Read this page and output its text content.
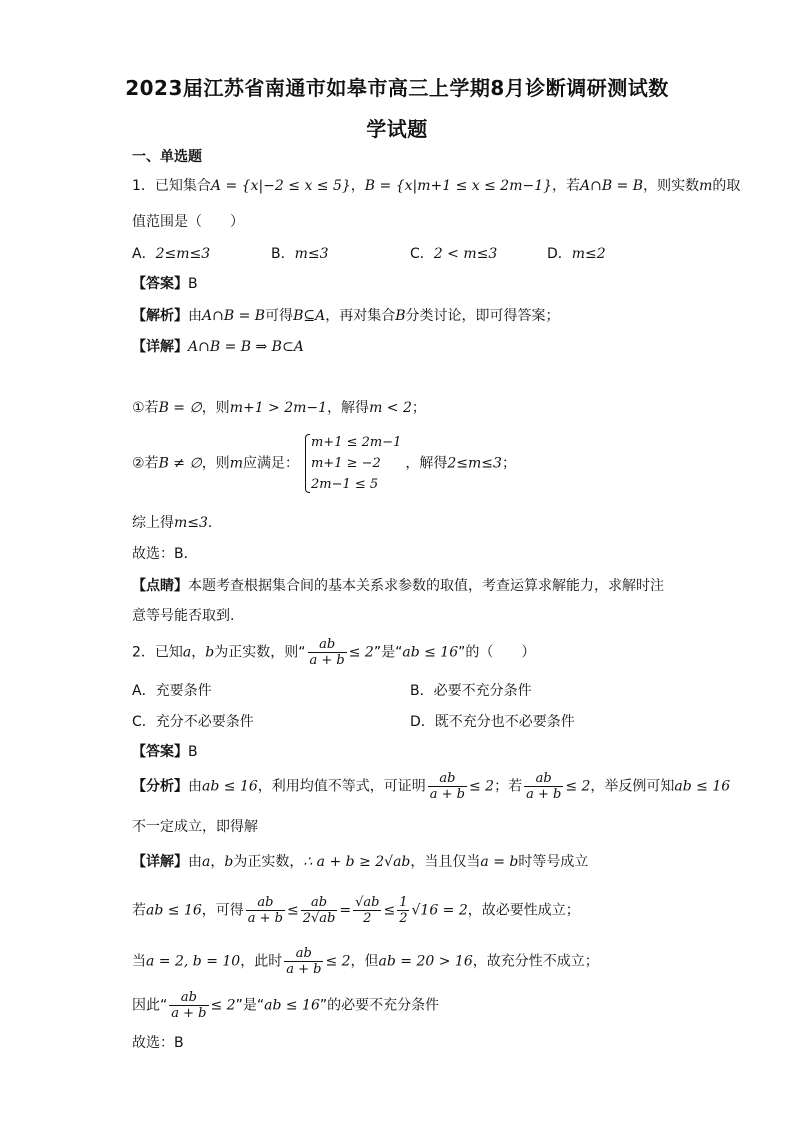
2023届江苏省南通市如皋市高三上学期8月诊断调研测试数
学试题
一、单选题
1．已知集合A = {x|−2 ≤ x ≤ 5}，B = {x|m+1 ≤ x ≤ 2m−1}，若A∩B = B，则实数m的取
值范围是（　　）
A．2≤m≤3	B．m≤3	C．2 < m≤3	D．m≤2
【答案】B
【解析】由A∩B = B可得B⊆A，再对集合B分类讨论，即可得答案；
【详解】A∩B = B ⇒ B⊂A
①若B = ∅，则m+1 > 2m−1，解得m < 2；
②若B ≠ ∅，则m应满足：
m+1 ≤ 2m−1
m+1 ≥ −2
2m−1 ≤ 5
，解得2≤m≤3；
综上得m≤3．
故选：B．
【点睛】本题考查根据集合间的基本关系求参数的取值，考查运算求解能力，求解时注
意等号能否取到.
2．已知a，b为正实数，则“ $\frac{ab}{a + b} \le 2$”是“ab ≤ 16”的（　　）
A．充要条件	B．必要不充分条件
C．充分不必要条件	D．既不充分也不必要条件
【答案】B
【分析】由ab ≤ 16，利用均值不等式，可证明 $\frac{ab}{a + b} \le 2$；若 $\frac{ab}{a + b} \le 2$，举反例可知ab ≤ 16
不一定成立，即得解
【详解】由a，b为正实数，∴ a + b ≥ 2√ab，当且仅当a = b时等号成立
若ab ≤ 16，可得 $\frac{ab}{a + b} \le \frac{ab}{2√ab} = \frac{√ab}{2} \le \frac{1}{2} √16 = 2$，故必要性成立；
当a = 2, b = 10，此时 $\frac{ab}{a + b} \le 2$，但ab = 20 > 16，故充分性不成立；
因此“ $\frac{ab}{a + b} \le 2$”是“ab ≤ 16”的必要不充分条件
故选：B
